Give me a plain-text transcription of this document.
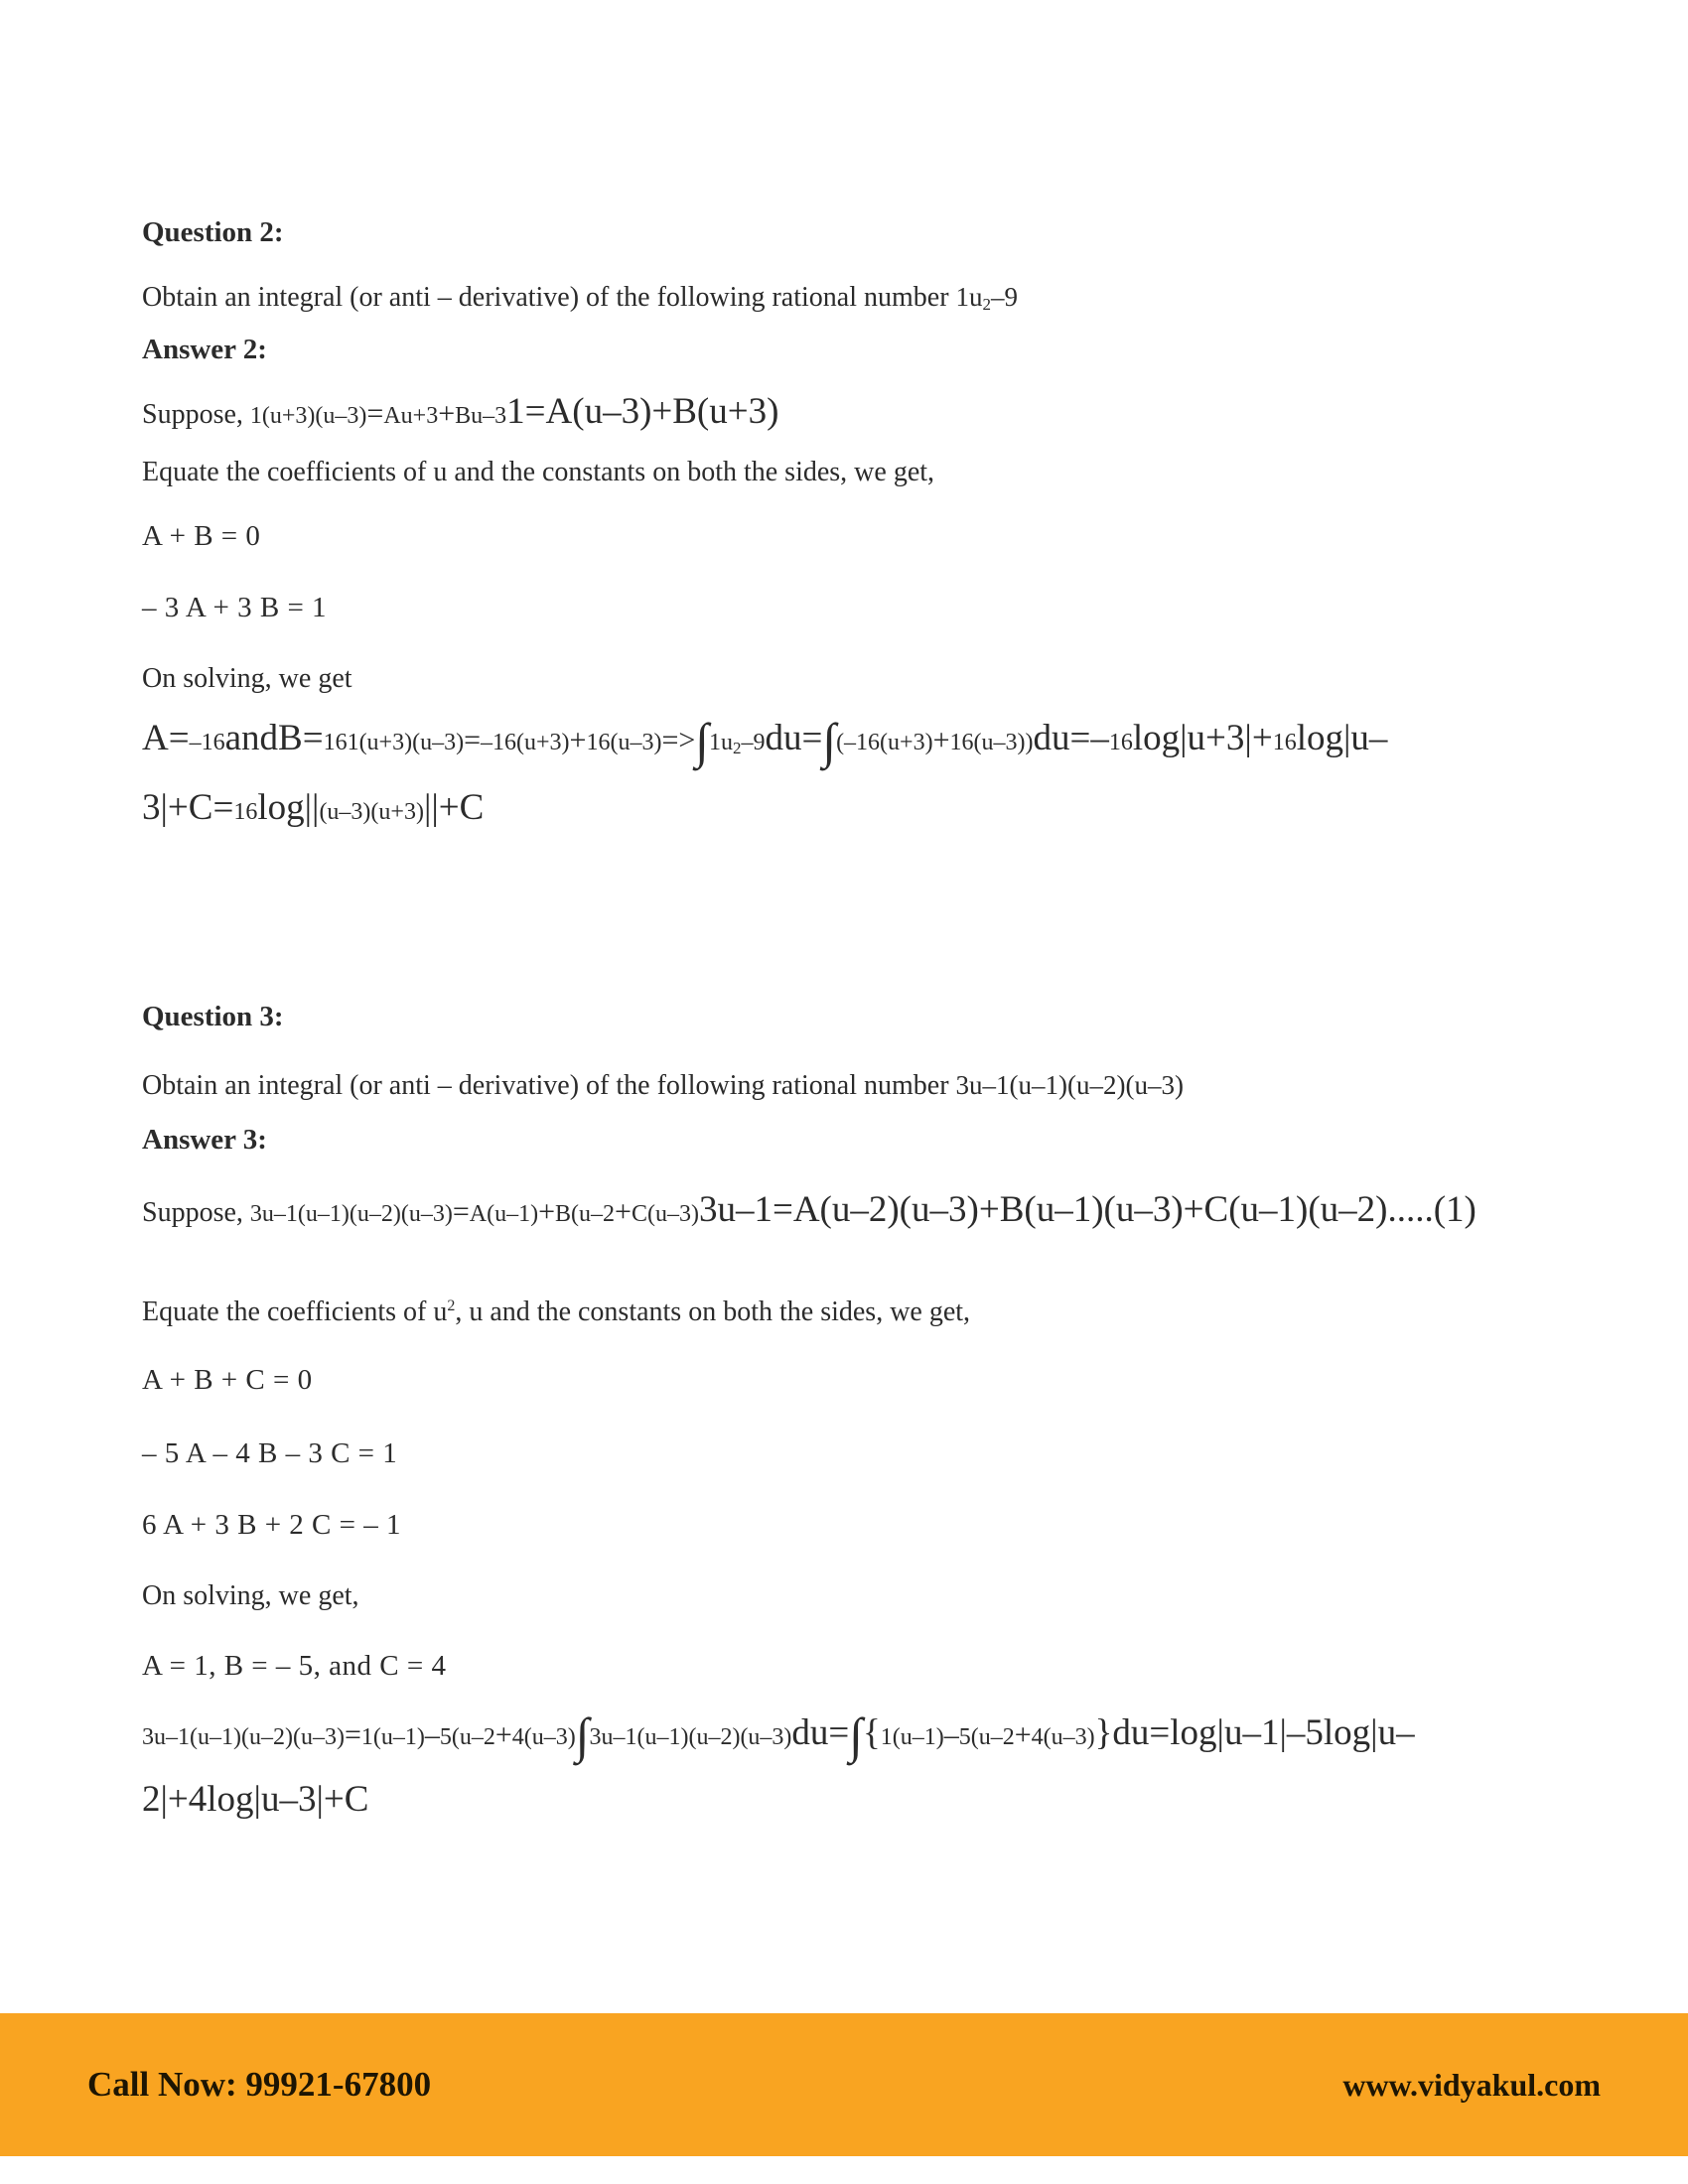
Question 2:
Obtain an integral (or anti – derivative) of the following rational number 1u2–9
Answer 2:
Suppose, 1(u+3)(u–3)=Au+3+Bu–31=A(u–3)+B(u+3)
Equate the coefficients of u and the constants on both the sides, we get,
A + B = 0
– 3 A + 3 B = 1
On solving, we get
A=–16andB=161(u+3)(u–3)=–16(u+3)+16(u–3)=>∫1u2–9du=∫(–16(u+3)+16(u–3))du=–16log|u+3|+16log|u–3|+C=16log||(u–3)(u+3)||+C
Question 3:
Obtain an integral (or anti – derivative) of the following rational number 3u–1(u–1)(u–2)(u–3)
Answer 3:
Suppose, 3u–1(u–1)(u–2)(u–3)=A(u–1)+B(u–2+C(u–3)3u–1=A(u–2)(u–3)+B(u–1)(u–3)+C(u–1)(u–2).....(1)
Equate the coefficients of $u^2$, u and the constants on both the sides, we get,
A + B + C = 0
– 5 A – 4 B – 3 C = 1
6 A + 3 B + 2 C = – 1
On solving, we get,
A = 1, B = – 5, and C = 4
3u–1(u–1)(u–2)(u–3)=1(u–1)–5(u–2+4(u–3)∫3u–1(u–1)(u–2)(u–3)du=∫{1(u–1)–5(u–2+4(u–3)}du=log|u–1|–5log|u–2|+4log|u–3|+C
Call Now: 99921-67800	www.vidyakul.com
